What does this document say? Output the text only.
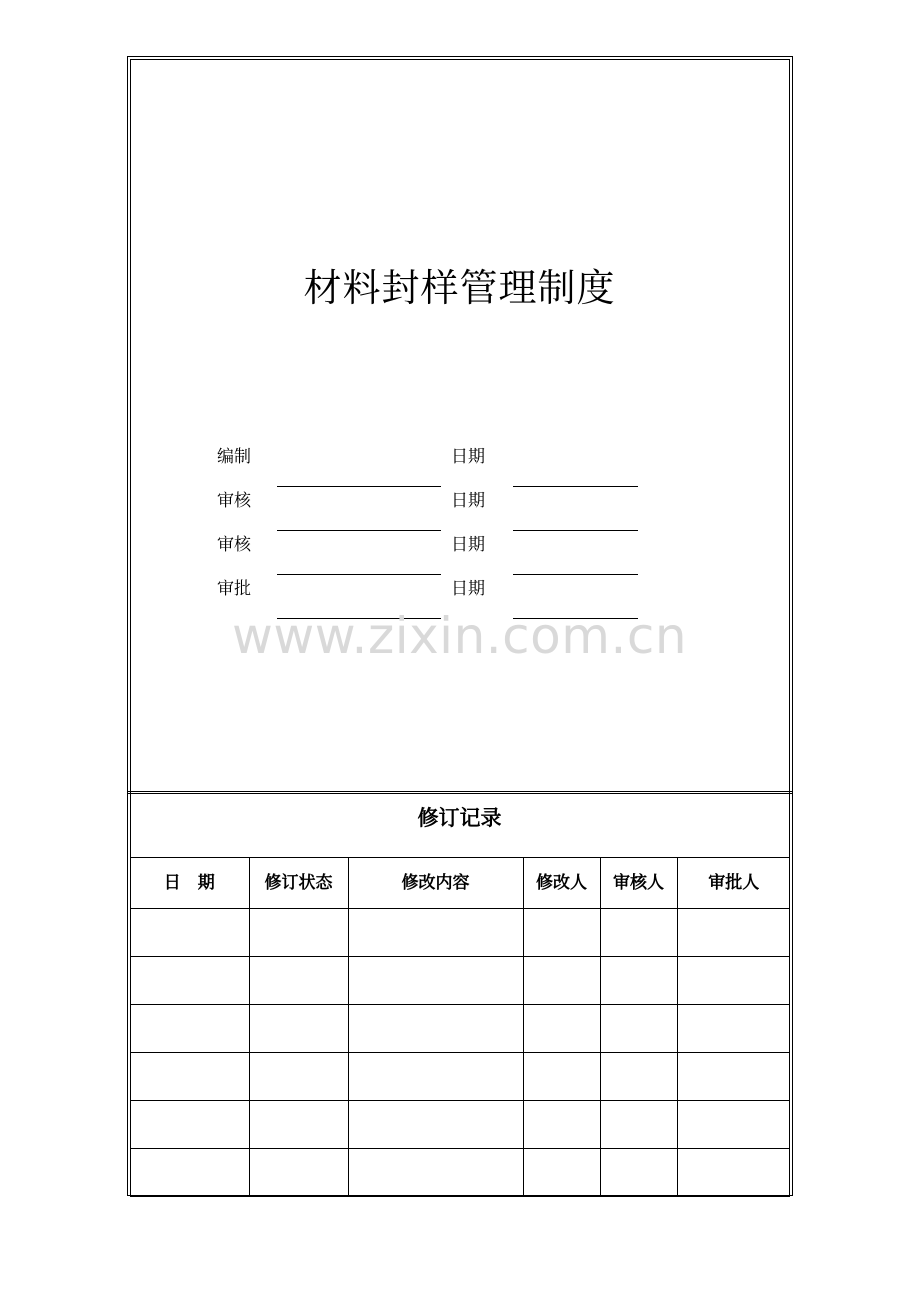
材料封样管理制度
编制	日期
审核	日期
审核	日期
审批	日期
www.zixin.com.cn
修订记录
日　期	修订状态	修改内容	修改人	审核人	审批人
